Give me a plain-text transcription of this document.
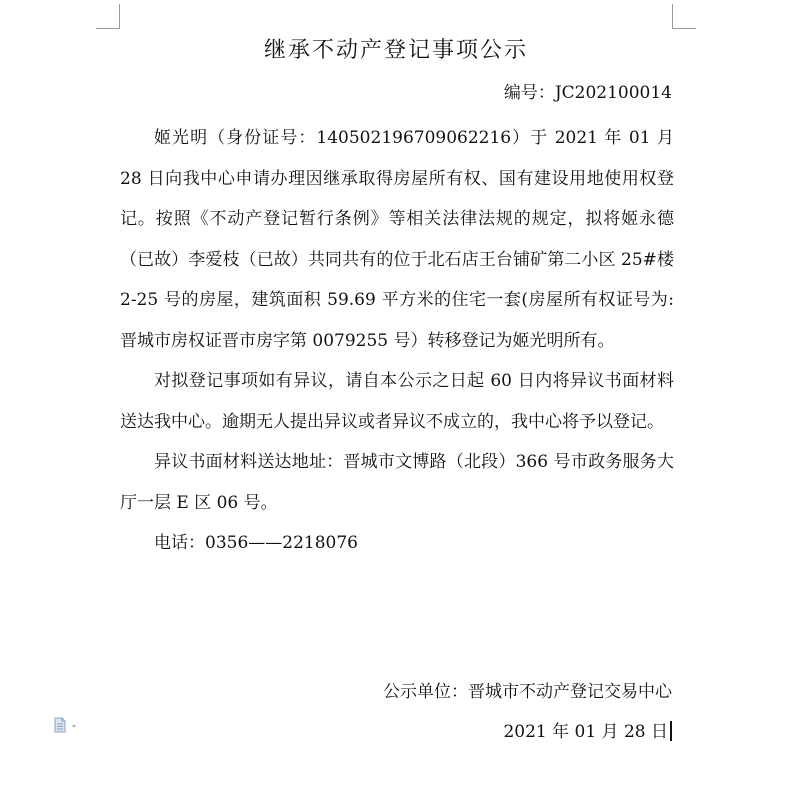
继承不动产登记事项公示
编号：JC202100014

姬光明（身份证号：140502196709062216）于 2021 年 01 月 28 日向我中心申请办理因继承取得房屋所有权、国有建设用地使用权登记。按照《不动产登记暂行条例》等相关法律法规的规定，拟将姬永德（已故）李爱枝（已故）共同共有的位于北石店王台铺矿第二小区 25#楼 2-25 号的房屋，建筑面积 59.69 平方米的住宅一套(房屋所有权证号为:晋城市房权证晋市房字第 0079255 号）转移登记为姬光明所有。

对拟登记事项如有异议，请自本公示之日起 60 日内将异议书面材料送达我中心。逾期无人提出异议或者异议不成立的，我中心将予以登记。

异议书面材料送达地址：晋城市文博路（北段）366 号市政务服务大厅一层 E 区 06 号。

电话：0356——2218076

公示单位：晋城市不动产登记交易中心
2021 年 01 月 28 日
